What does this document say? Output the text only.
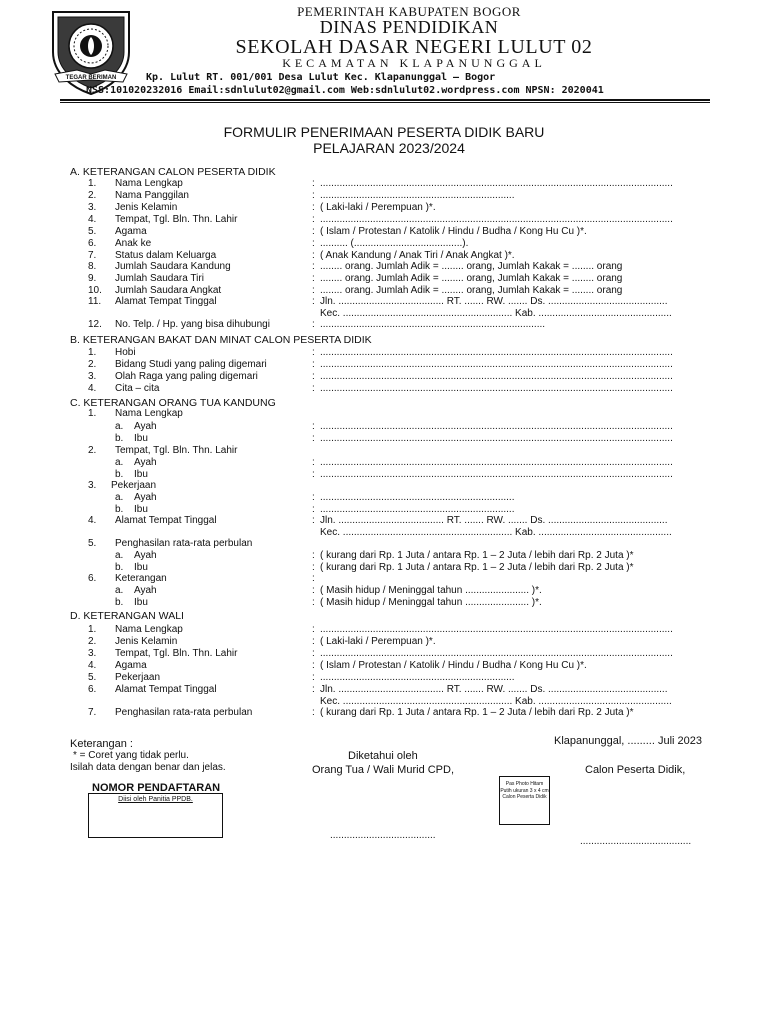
TEGAR BERIMAN
PEMERINTAH KABUPATEN BOGOR
DINAS PENDIDIKAN
SEKOLAH DASAR NEGERI LULUT 02
KECAMATAN KLAPANUNGGAL
Kp. Lulut RT. 001/001 Desa Lulut Kec. Klapanunggal – Bogor
NSS:101020232016 Email:sdnlulut02@gmail.com Web:sdnlulut02.wordpress.com NPSN: 2020041
FORMULIR PENERIMAAN PESERTA DIDIK BARU
PELAJARAN 2023/2024
A. KETERANGAN CALON PESERTA DIDIK
B. KETERANGAN BAKAT DAN MINAT CALON PESERTA DIDIK
C. KETERANGAN ORANG TUA KANDUNG
D. KETERANGAN WALI
1. Nama Lengkap	: ...............................................................................................................................
2. Nama Panggilan	: ......................................................................
3. Jenis Kelamin	: ( Laki-laki / Perempuan )*.
4. Tempat, Tgl. Bln. Thn. Lahir	: ...............................................................................................................................
5. Agama	: ( Islam / Protestan / Katolik / Hindu / Budha / Kong Hu Cu )*.
6. Anak ke	: .......... (.......................................).
7. Status dalam Keluarga	: ( Anak Kandung / Anak Tiri / Anak Angkat )*.
8. Jumlah Saudara Kandung	: ........ orang. Jumlah Adik = ........ orang, Jumlah Kakak = ........ orang
9. Jumlah Saudara Tiri	: ........ orang. Jumlah Adik = ........ orang, Jumlah Kakak = ........ orang
10. Jumlah Saudara Angkat	: ........ orang. Jumlah Adik = ........ orang, Jumlah Kakak = ........ orang
11. Alamat Tempat Tinggal	: Jln. ...................................... RT. ....... RW. ....... Ds. ...........................................
Kec. ............................................................. Kab. ................................................
12. No. Telp. / Hp. yang bisa dihubungi	: .................................................................................
1. Hobi	: ...............................................................................................................................
2. Bidang Studi yang paling digemari	: ...............................................................................................................................
3. Olah Raga yang paling digemari	: ...............................................................................................................................
4. Cita – cita	: ...............................................................................................................................
1. Nama Lengkap
a. Ayah	: ...............................................................................................................................
b. Ibu	: ...............................................................................................................................
2. Tempat, Tgl. Bln. Thn. Lahir
a. Ayah	: ...............................................................................................................................
b. Ibu	: ...............................................................................................................................
3. Pekerjaan
a. Ayah	: ......................................................................
b. Ibu	: ......................................................................
4. Alamat Tempat Tinggal	: Jln. ...................................... RT. ....... RW. ....... Ds. ...........................................
Kec. ............................................................. Kab. ................................................
5. Penghasilan rata-rata perbulan
a. Ayah	: ( kurang dari Rp. 1 Juta / antara Rp. 1 – 2 Juta / lebih dari Rp. 2 Juta )*
b. Ibu	: ( kurang dari Rp. 1 Juta / antara Rp. 1 – 2 Juta / lebih dari Rp. 2 Juta )*
6. Keterangan	:
a. Ayah	: ( Masih hidup / Meninggal tahun ....................... )*.
b. Ibu	: ( Masih hidup / Meninggal tahun ....................... )*.
1. Nama Lengkap	: ...............................................................................................................................
2. Jenis Kelamin	: ( Laki-laki / Perempuan )*.
3. Tempat, Tgl. Bln. Thn. Lahir	: ...............................................................................................................................
4. Agama	: ( Islam / Protestan / Katolik / Hindu / Budha / Kong Hu Cu )*.
5. Pekerjaan	: ......................................................................
6. Alamat Tempat Tinggal	: Jln. ...................................... RT. ....... RW. ....... Ds. ...........................................
Kec. ............................................................. Kab. ................................................
7. Penghasilan rata-rata perbulan	: ( kurang dari Rp. 1 Juta / antara Rp. 1 – 2 Juta / lebih dari Rp. 2 Juta )*
Keterangan :
* = Coret yang tidak perlu.
Isilah data dengan benar dan jelas.
NOMOR PENDAFTARAN
Diisi oleh Panitia PPDB.
Klapanunggal, ......... Juli 2023
Diketahui oleh
Orang Tua / Wali Murid CPD,	Calon Peserta Didik,
Pas Photo Hitam Putih ukuran 3 x 4 cm Calon Peserta Didik
......................................
........................................
